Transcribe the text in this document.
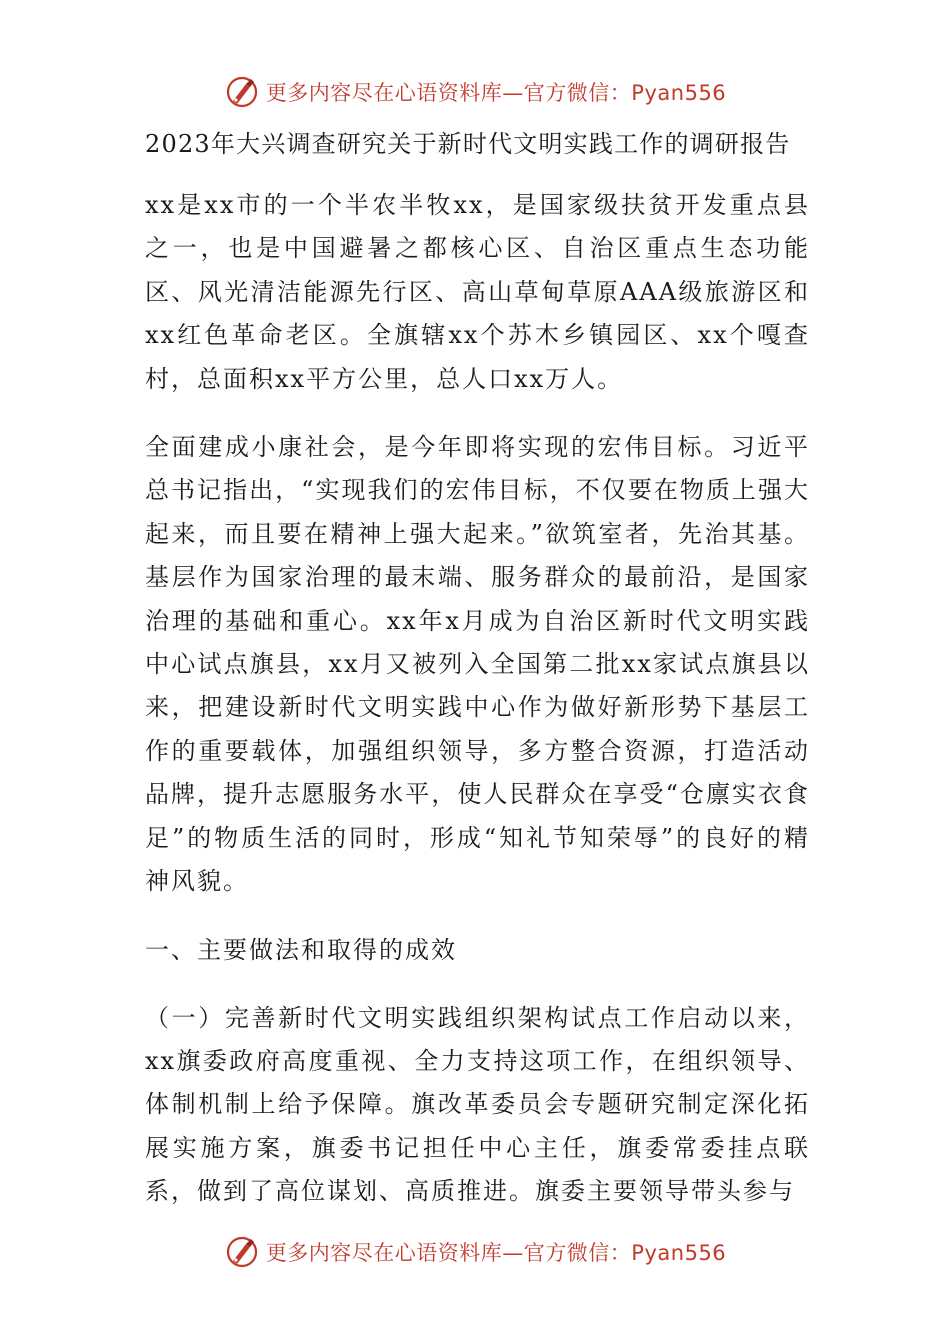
更多内容尽在心语资料库—官方微信：Pyan556
2023年大兴调查研究关于新时代文明实践工作的调研报告

xx是xx市的一个半农半牧xx，是国家级扶贫开发重点县之一，也是中国避暑之都核心区、自治区重点生态功能区、风光清洁能源先行区、高山草甸草原AAA级旅游区和xx红色革命老区。全旗辖xx个苏木乡镇园区、xx个嘎查村，总面积xx平方公里，总人口xx万人。

全面建成小康社会，是今年即将实现的宏伟目标。习近平总书记指出，“实现我们的宏伟目标，不仅要在物质上强大起来，而且要在精神上强大起来。”欲筑室者，先治其基。基层作为国家治理的最末端、服务群众的最前沿，是国家治理的基础和重心。xx年x月成为自治区新时代文明实践中心试点旗县，xx月又被列入全国第二批xx家试点旗县以来，把建设新时代文明实践中心作为做好新形势下基层工作的重要载体，加强组织领导，多方整合资源，打造活动品牌，提升志愿服务水平，使人民群众在享受“仓廪实衣食足”的物质生活的同时，形成“知礼节知荣辱”的良好的精神风貌。

一、主要做法和取得的成效

（一）完善新时代文明实践组织架构试点工作启动以来，xx旗委政府高度重视、全力支持这项工作，在组织领导、体制机制上给予保障。旗改革委员会专题研究制定深化拓展实施方案，旗委书记担任中心主任，旗委常委挂点联系，做到了高位谋划、高质推进。旗委主要领导带头参与

更多内容尽在心语资料库—官方微信：Pyan556
